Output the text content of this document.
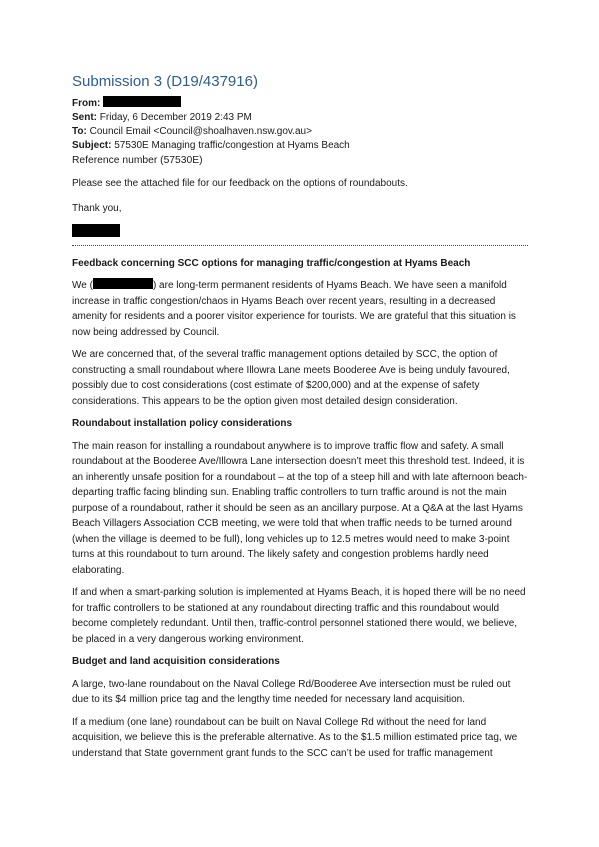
Submission 3 (D19/437916)
From:
Sent: Friday, 6 December 2019 2:43 PM
To: Council Email <Council@shoalhaven.nsw.gov.au>
Subject: 57530E Managing traffic/congestion at Hyams Beach
Reference number (57530E)
Please see the attached file for our feedback on the options of roundabouts.
Thank you,
Feedback concerning SCC options for managing traffic/congestion at Hyams Beach
We (	) are long-term permanent residents of Hyams Beach. We have seen a manifold increase in traffic congestion/chaos in Hyams Beach over recent years, resulting in a decreased amenity for residents and a poorer visitor experience for tourists. We are grateful that this situation is now being addressed by Council.
We are concerned that, of the several traffic management options detailed by SCC, the option of constructing a small roundabout where Illowra Lane meets Booderee Ave is being unduly favoured, possibly due to cost considerations (cost estimate of $200,000) and at the expense of safety considerations. This appears to be the option given most detailed design consideration.
Roundabout installation policy considerations
The main reason for installing a roundabout anywhere is to improve traffic flow and safety. A small roundabout at the Booderee Ave/Illowra Lane intersection doesn’t meet this threshold test. Indeed, it is an inherently unsafe position for a roundabout – at the top of a steep hill and with late afternoon beach-departing traffic facing blinding sun. Enabling traffic controllers to turn traffic around is not the main purpose of a roundabout, rather it should be seen as an ancillary purpose. At a Q&A at the last Hyams Beach Villagers Association CCB meeting, we were told that when traffic needs to be turned around (when the village is deemed to be full), long vehicles up to 12.5 metres would need to make 3-point turns at this roundabout to turn around. The likely safety and congestion problems hardly need elaborating.
If and when a smart-parking solution is implemented at Hyams Beach, it is hoped there will be no need for traffic controllers to be stationed at any roundabout directing traffic and this roundabout would become completely redundant. Until then, traffic-control personnel stationed there would, we believe, be placed in a very dangerous working environment.
Budget and land acquisition considerations
A large, two-lane roundabout on the Naval College Rd/Booderee Ave intersection must be ruled out due to its $4 million price tag and the lengthy time needed for necessary land acquisition.
If a medium (one lane) roundabout can be built on Naval College Rd without the need for land acquisition, we believe this is the preferable alternative. As to the $1.5 million estimated price tag, we understand that State government grant funds to the SCC can’t be used for traffic management
